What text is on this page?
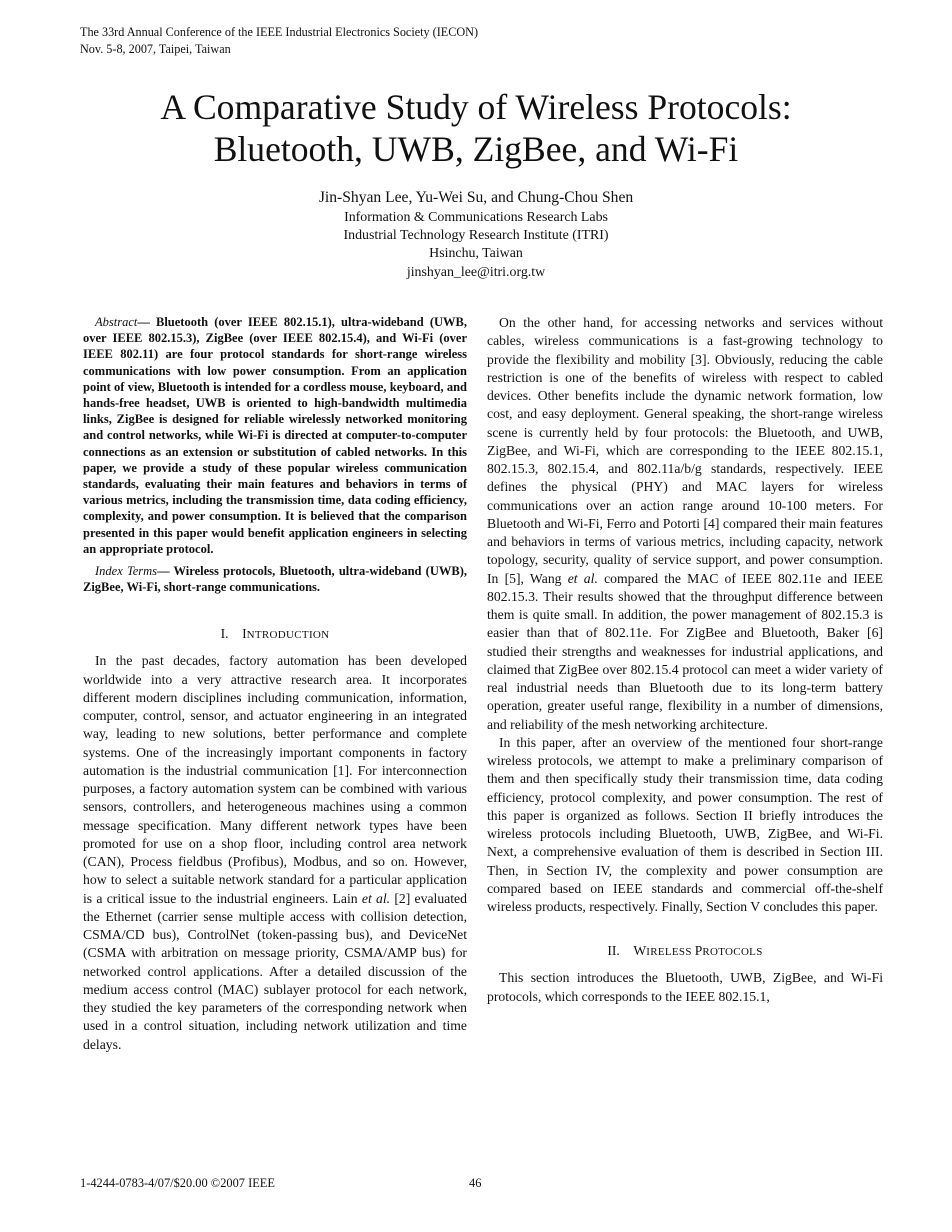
The 33rd Annual Conference of the IEEE Industrial Electronics Society (IECON)
Nov. 5-8, 2007, Taipei, Taiwan
A Comparative Study of Wireless Protocols:
Bluetooth, UWB, ZigBee, and Wi-Fi
Jin-Shyan Lee, Yu-Wei Su, and Chung-Chou Shen
Information & Communications Research Labs
Industrial Technology Research Institute (ITRI)
Hsinchu, Taiwan
jinshyan_lee@itri.org.tw

Abstract— Bluetooth (over IEEE 802.15.1), ultra-wideband (UWB, over IEEE 802.15.3), ZigBee (over IEEE 802.15.4), and Wi-Fi (over IEEE 802.11) are four protocol standards for short-range wireless communications with low power consumption. From an application point of view, Bluetooth is intended for a cordless mouse, keyboard, and hands-free headset, UWB is oriented to high-bandwidth multimedia links, ZigBee is designed for reliable wirelessly networked monitoring and control networks, while Wi-Fi is directed at computer-to-computer connections as an extension or substitution of cabled networks. In this paper, we provide a study of these popular wireless communication standards, evaluating their main features and behaviors in terms of various metrics, including the transmission time, data coding efficiency, complexity, and power consumption. It is believed that the comparison presented in this paper would benefit application engineers in selecting an appropriate protocol.

Index Terms— Wireless protocols, Bluetooth, ultra-wideband (UWB), ZigBee, Wi-Fi, short-range communications.

I. INTRODUCTION

In the past decades, factory automation has been developed worldwide into a very attractive research area. It incorporates different modern disciplines including communication, information, computer, control, sensor, and actuator engineering in an integrated way, leading to new solutions, better performance and complete systems. One of the increasingly important components in factory automation is the industrial communication [1]. For interconnection purposes, a factory automation system can be combined with various sensors, controllers, and heterogeneous machines using a common message specification. Many different network types have been promoted for use on a shop floor, including control area network (CAN), Process fieldbus (Profibus), Modbus, and so on. However, how to select a suitable network standard for a particular application is a critical issue to the industrial engineers. Lain et al. [2] evaluated the Ethernet (carrier sense multiple access with collision detection, CSMA/CD bus), ControlNet (token-passing bus), and DeviceNet (CSMA with arbitration on message priority, CSMA/AMP bus) for networked control applications. After a detailed discussion of the medium access control (MAC) sublayer protocol for each network, they studied the key parameters of the corresponding network when used in a control situation, including network utilization and time delays.

On the other hand, for accessing networks and services without cables, wireless communications is a fast-growing technology to provide the flexibility and mobility [3]. Obviously, reducing the cable restriction is one of the benefits of wireless with respect to cabled devices. Other benefits include the dynamic network formation, low cost, and easy deployment. General speaking, the short-range wireless scene is currently held by four protocols: the Bluetooth, and UWB, ZigBee, and Wi-Fi, which are corresponding to the IEEE 802.15.1, 802.15.3, 802.15.4, and 802.11a/b/g standards, respectively. IEEE defines the physical (PHY) and MAC layers for wireless communications over an action range around 10-100 meters. For Bluetooth and Wi-Fi, Ferro and Potorti [4] compared their main features and behaviors in terms of various metrics, including capacity, network topology, security, quality of service support, and power consumption. In [5], Wang et al. compared the MAC of IEEE 802.11e and IEEE 802.15.3. Their results showed that the throughput difference between them is quite small. In addition, the power management of 802.15.3 is easier than that of 802.11e. For ZigBee and Bluetooth, Baker [6] studied their strengths and weaknesses for industrial applications, and claimed that ZigBee over 802.15.4 protocol can meet a wider variety of real industrial needs than Bluetooth due to its long-term battery operation, greater useful range, flexibility in a number of dimensions, and reliability of the mesh networking architecture.

In this paper, after an overview of the mentioned four short-range wireless protocols, we attempt to make a preliminary comparison of them and then specifically study their transmission time, data coding efficiency, protocol complexity, and power consumption. The rest of this paper is organized as follows. Section II briefly introduces the wireless protocols including Bluetooth, UWB, ZigBee, and Wi-Fi. Next, a comprehensive evaluation of them is described in Section III. Then, in Section IV, the complexity and power consumption are compared based on IEEE standards and commercial off-the-shelf wireless products, respectively. Finally, Section V concludes this paper.

II. WIRELESS PROTOCOLS

This section introduces the Bluetooth, UWB, ZigBee, and Wi-Fi protocols, which corresponds to the IEEE 802.15.1,

1-4244-0783-4/07/$20.00 ©2007 IEEE	46
